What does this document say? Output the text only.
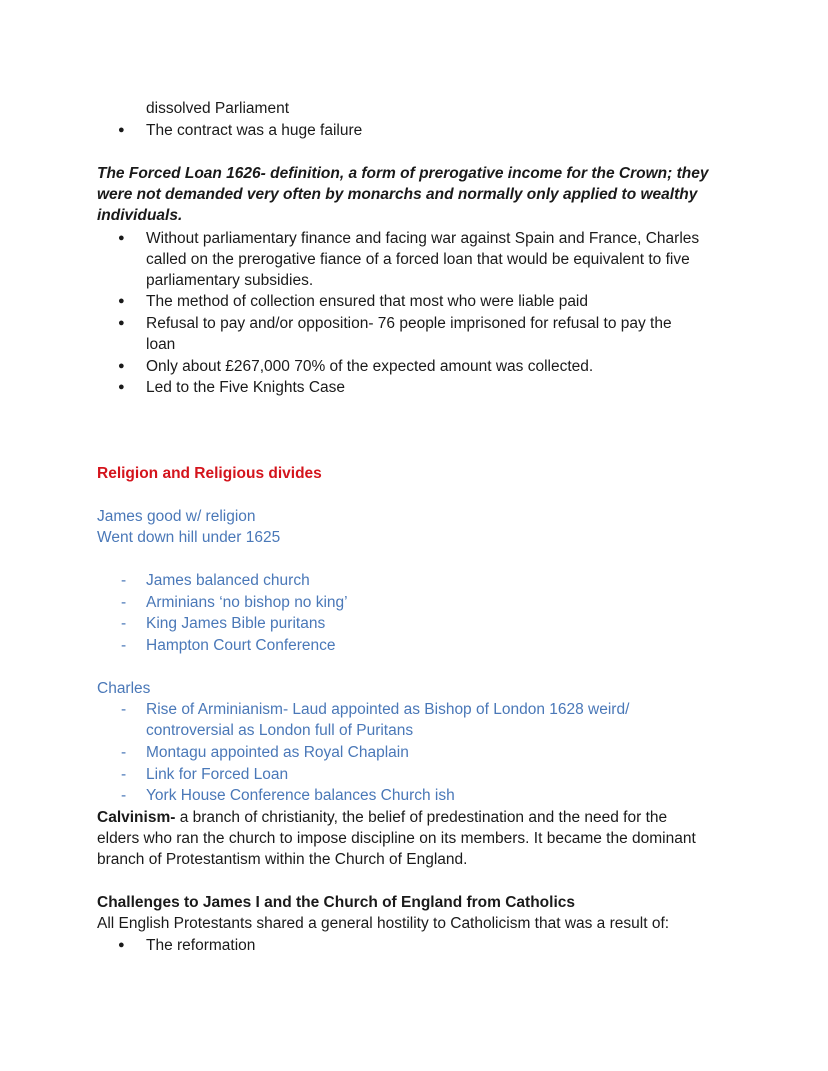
dissolved Parliament
● The contract was a huge failure
The Forced Loan 1626- definition, a form of prerogative income for the Crown; they
were not demanded very often by monarchs and normally only applied to wealthy
individuals.
● Without parliamentary finance and facing war against Spain and France, Charles
called on the prerogative fiance of a forced loan that would be equivalent to five
parliamentary subsidies.
● The method of collection ensured that most who were liable paid
● Refusal to pay and/or opposition- 76 people imprisoned for refusal to pay the
loan
● Only about £267,000 70% of the expected amount was collected.
● Led to the Five Knights Case
Religion and Religious divides
James good w/ religion
Went down hill under 1625
- James balanced church
- Arminians ‘no bishop no king’
- King James Bible puritans
- Hampton Court Conference
Charles
- Rise of Arminianism- Laud appointed as Bishop of London 1628 weird/
controversial as London full of Puritans
- Montagu appointed as Royal Chaplain
- Link for Forced Loan
- York House Conference balances Church ish
Calvinism- a branch of christianity, the belief of predestination and the need for the
elders who ran the church to impose discipline on its members. It became the dominant
branch of Protestantism within the Church of England.
Challenges to James I and the Church of England from Catholics
All English Protestants shared a general hostility to Catholicism that was a result of:
● The reformation
